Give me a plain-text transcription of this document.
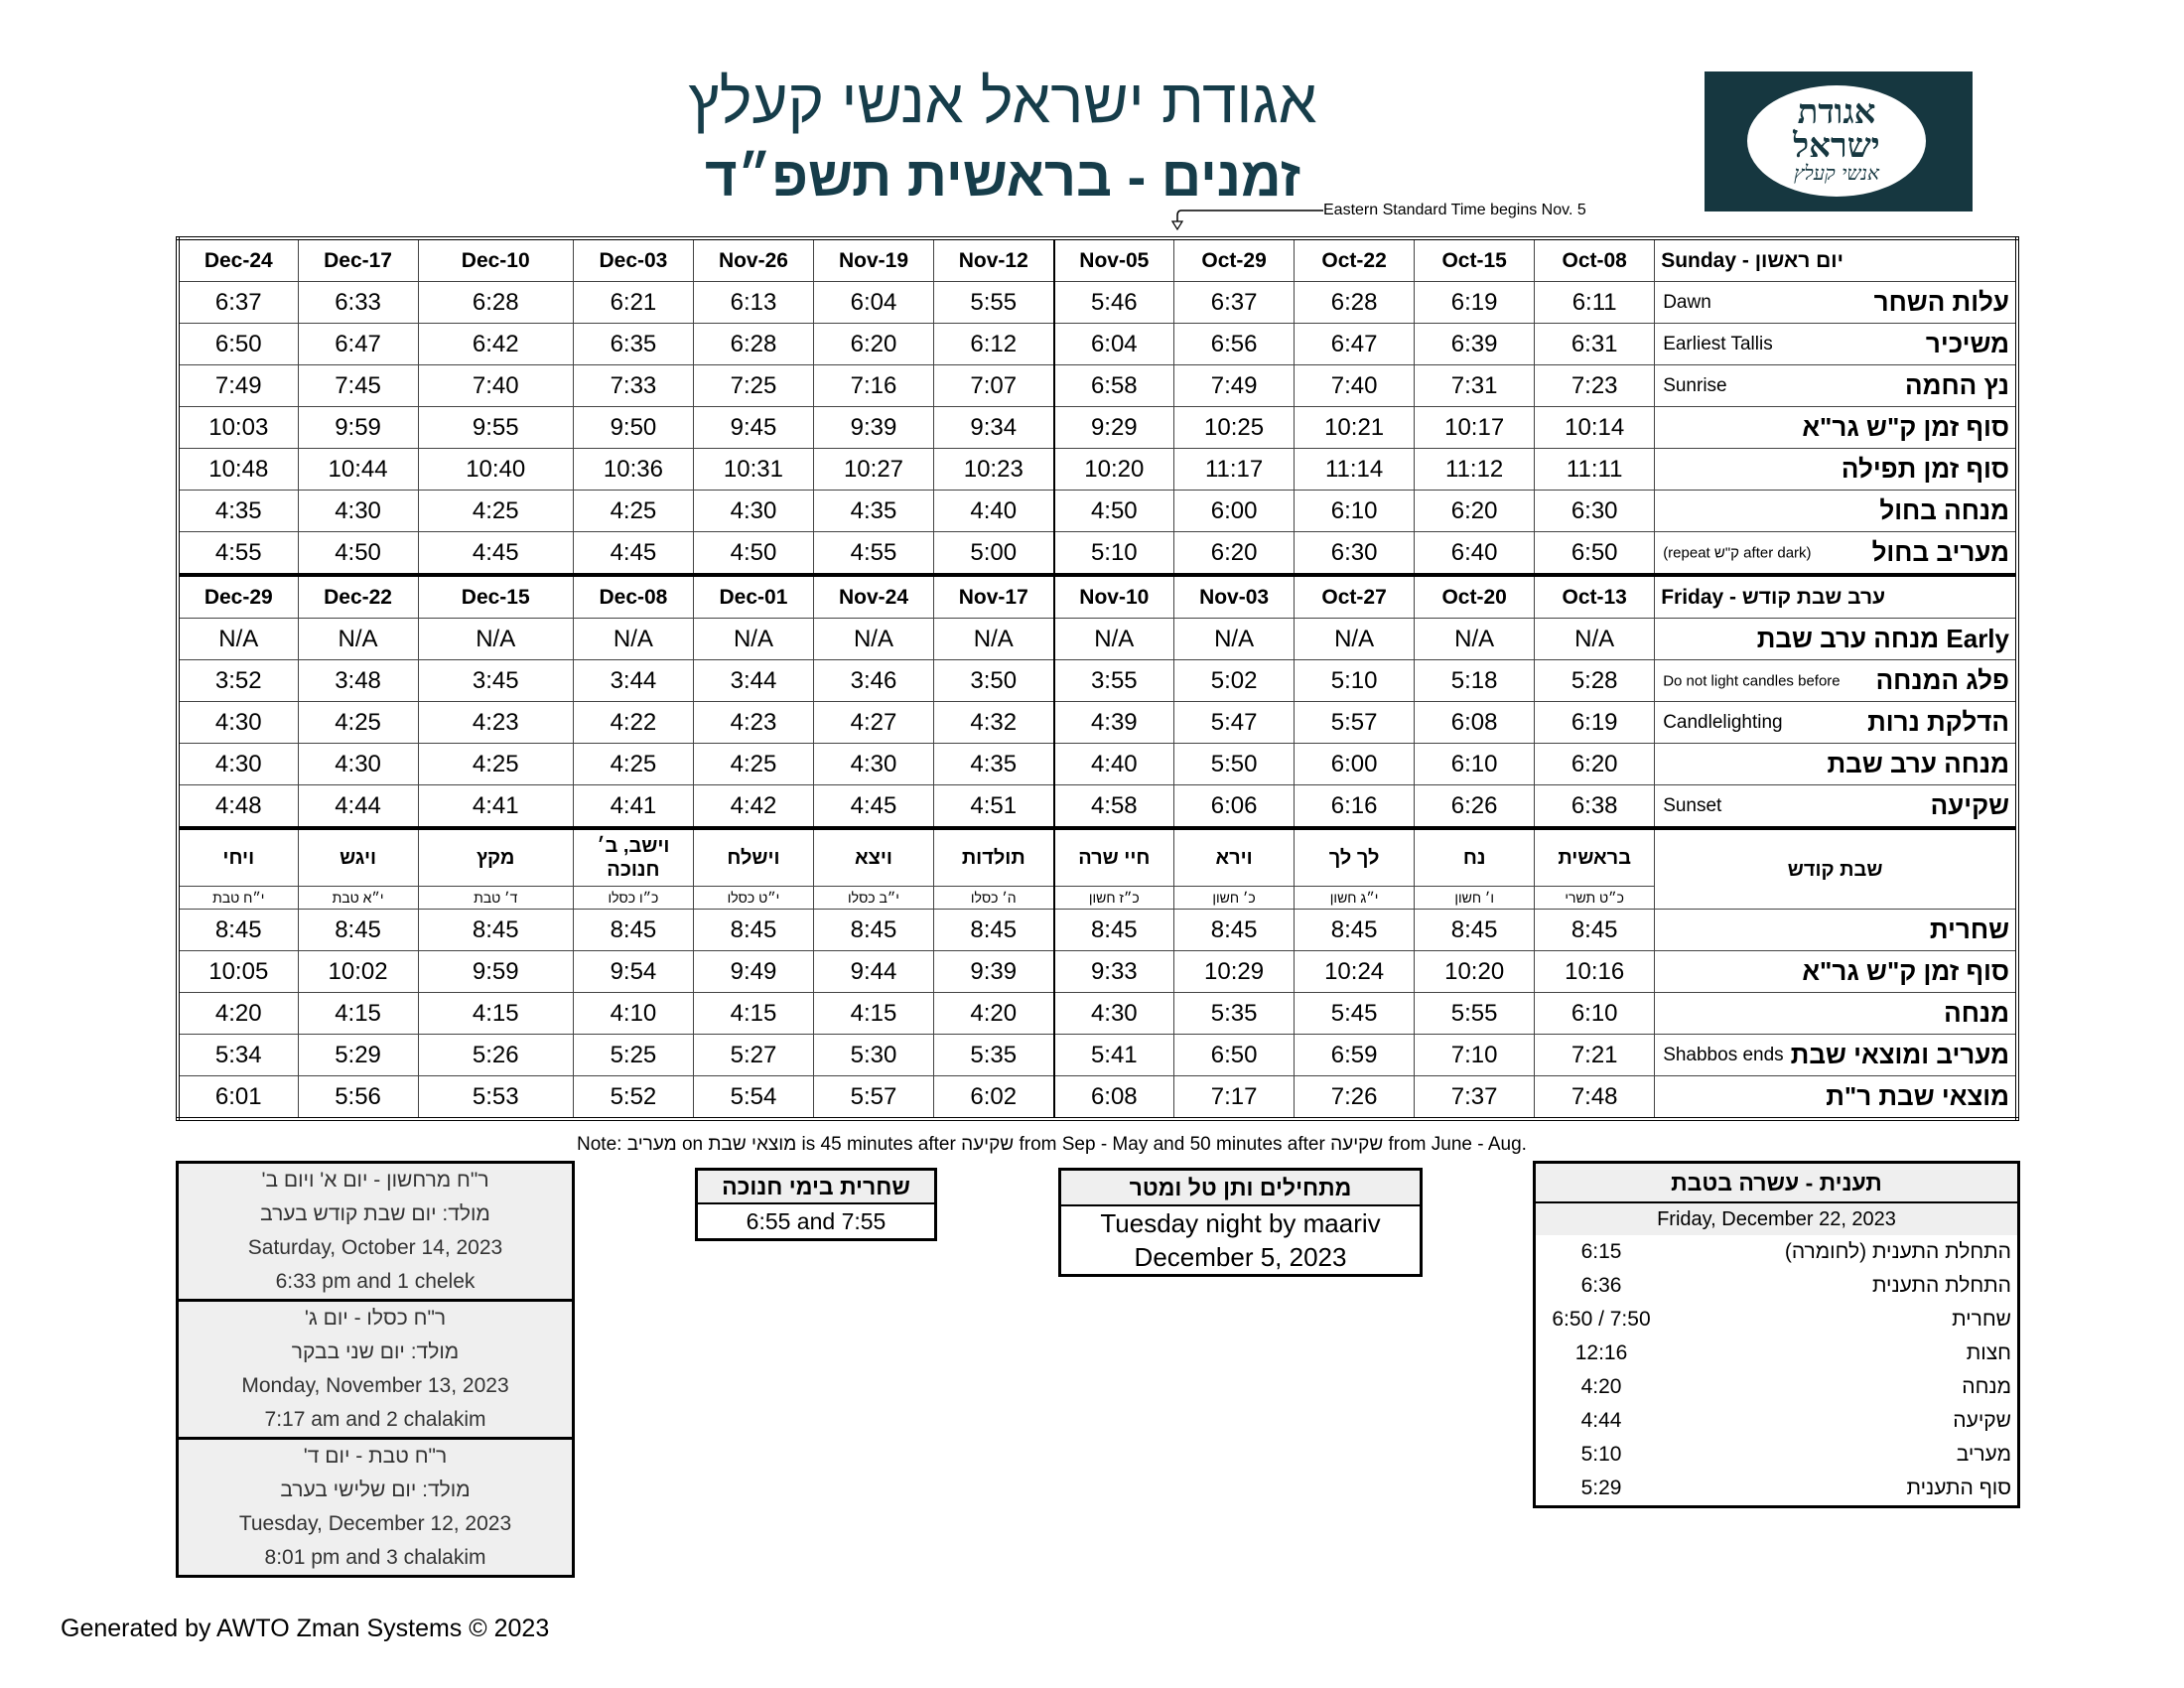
אגודת ישראל אנשי קעלץ
זמנים - בראשית תשפ״ד
אגודת
ישראל
אנשי קעלץ
Eastern Standard Time begins Nov. 5
Dec-24	Dec-17	Dec-10	Dec-03	Nov-26	Nov-19	Nov-12	Nov-05	Oct-29	Oct-22	Oct-15	Oct-08	Sunday - יום ראשון
6:37	6:33	6:28	6:21	6:13	6:04	5:55	5:46	6:37	6:28	6:19	6:11	עלות השחר
Dawn

6:50	6:47	6:42	6:35	6:28	6:20	6:12	6:04	6:56	6:47	6:39	6:31	משיכיר
Earliest Tallis

7:49	7:45	7:40	7:33	7:25	7:16	7:07	6:58	7:49	7:40	7:31	7:23	נץ החמה
Sunrise

10:03	9:59	9:55	9:50	9:45	9:39	9:34	9:29	10:25	10:21	10:17	10:14	סוף זמן ק"ש גר"א
10:48	10:44	10:40	10:36	10:31	10:27	10:23	10:20	11:17	11:14	11:12	11:11	סוף זמן תפילה
4:35	4:30	4:25	4:25	4:30	4:35	4:40	4:50	6:00	6:10	6:20	6:30	מנחה בחול
4:55	4:50	4:45	4:45	4:50	4:55	5:00	5:10	6:20	6:30	6:40	6:50	מעריב בחול
(repeat ק"ש after dark)

Dec-29	Dec-22	Dec-15	Dec-08	Dec-01	Nov-24	Nov-17	Nov-10	Nov-03	Oct-27	Oct-20	Oct-13	Friday - ערב שבת קודש
N/A	N/A	N/A	N/A	N/A	N/A	N/A	N/A	N/A	N/A	N/A	N/A	Early מנחה ערב שבת
3:52	3:48	3:45	3:44	3:44	3:46	3:50	3:55	5:02	5:10	5:18	5:28	פלג המנחה
Do not light candles before

4:30	4:25	4:23	4:22	4:23	4:27	4:32	4:39	5:47	5:57	6:08	6:19	הדלקת נרות
Candlelighting

4:30	4:30	4:25	4:25	4:25	4:30	4:35	4:40	5:50	6:00	6:10	6:20	מנחה ערב שבת
4:48	4:44	4:41	4:41	4:42	4:45	4:51	4:58	6:06	6:16	6:26	6:38	שקיעה
Sunset

ויחי	ויגש	מקץ	וישב, ב׳ חנוכה	וישלח	ויצא	תולדות	חיי שרה	וירא	לך לך	נח	בראשית	שבת קודש
י״ח טבת	י״א טבת	ד׳ טבת	כ״ו כסלו	י״ט כסלו	י״ב כסלו	ה׳ כסלו	כ״ז חשון	כ׳ חשון	י״ג חשון	ו׳ חשון	כ״ט תשרי	
8:45	8:45	8:45	8:45	8:45	8:45	8:45	8:45	8:45	8:45	8:45	8:45	שחרית
10:05	10:02	9:59	9:54	9:49	9:44	9:39	9:33	10:29	10:24	10:20	10:16	סוף זמן ק"ש גר"א
4:20	4:15	4:15	4:10	4:15	4:15	4:20	4:30	5:35	5:45	5:55	6:10	מנחה
5:34	5:29	5:26	5:25	5:27	5:30	5:35	5:41	6:50	6:59	7:10	7:21	מעריב ומוצאי שבת
Shabbos ends

6:01	5:56	5:53	5:52	5:54	5:57	6:02	6:08	7:17	7:26	7:37	7:48	מוצאי שבת ר"ת
Note: מעריב on מוצאי שבת is 45 minutes after שקיעה from Sep - May and 50 minutes after שקיעה from June - Aug.
ר"ח מרחשון - יום א' ויום ב'
מולד: יום שבת קודש בערב
Saturday, October 14, 2023
6:33 pm and 1 chelek
ר"ח כסלו - יום ג'
מולד: יום שני בבקר
Monday, November 13, 2023
7:17 am and 2 chalakim
ר"ח טבת - יום ד'
מולד: יום שלישי בערב
Tuesday, December 12, 2023
8:01 pm and 3 chalakim
שחרית בימי חנוכה
6:55 and 7:55
מתחילים ותן טל ומטר
Tuesday night by maariv
December 5, 2023
תענית - עשרה בטבת	
Friday, December 22, 2023	
6:15	התחלת התענית (לחומרה)
6:36	התחלת התענית
6:50 / 7:50	שחרית
12:16	חצות
4:20	מנחה
4:44	שקיעה
5:10	מעריב
5:29	סוף התענית
Generated by AWTO Zman Systems © 2023
